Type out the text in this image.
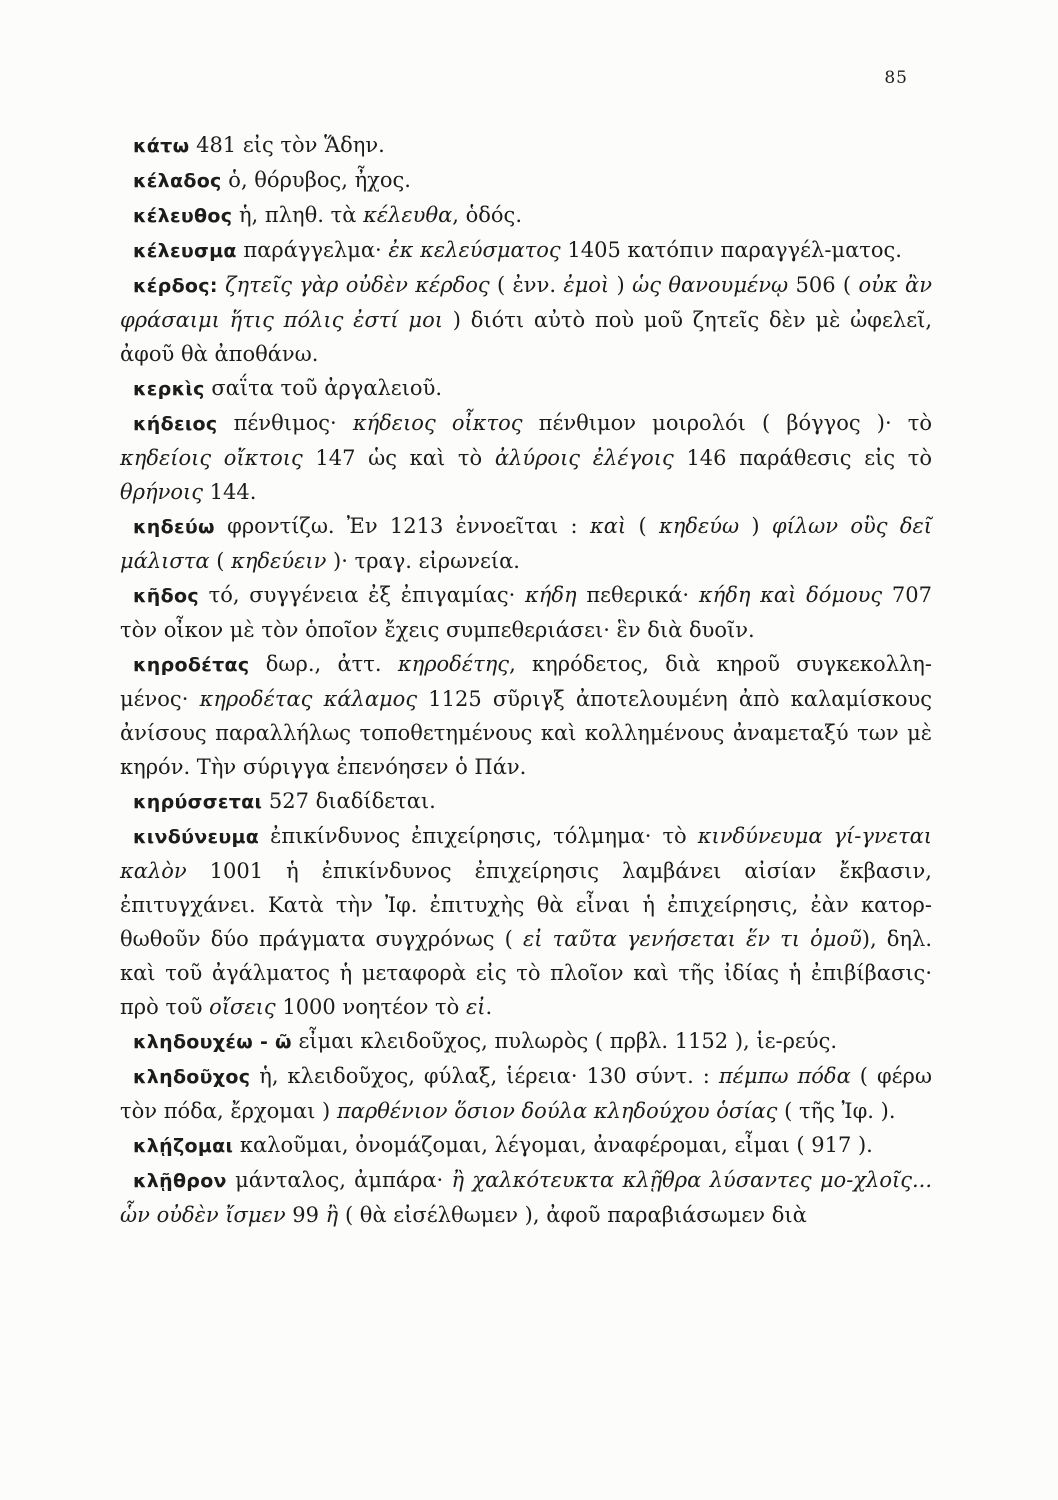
85

κάτω 481 εἰς τὸν Ἅδην.

κέλαδος ὁ, θόρυβος, ἦχος.

κέλευθος ἡ, πληθ. τὰ κέλευθα, ὁδός.

κέλευσμα παράγγελμα· ἐκ κελεύσματος 1405 κατόπιν παραγγέλ-ματος.

κέρδος: ζητεῖς γὰρ οὐδὲν κέρδος ( ἐνν. ἐμοὶ ) ὡς θανουμένῳ 506 ( οὐκ ἂν φράσαιμι ἥτις πόλις ἐστί μοι ) διότι αὐτὸ ποὺ μοῦ ζητεῖς δὲν μὲ ὠφελεῖ, ἀφοῦ θὰ ἀποθάνω.

κερκὶς σαΐτα τοῦ ἀργαλειοῦ.

κήδειος πένθιμος· κήδειος οἶκτος πένθιμον μοιρολόι ( βόγγος )· τὸ κηδείοις οἴκτοις 147 ὡς καὶ τὸ ἀλύροις ἐλέγοις 146 παράθεσις εἰς τὸ θρήνοις 144.

κηδεύω φροντίζω. Ἐν 1213 ἐννοεῖται : καὶ ( κηδεύω ) φίλων οὓς δεῖ μάλιστα ( κηδεύειν )· τραγ. εἰρωνεία.

κῆδος τό, συγγένεια ἐξ ἐπιγαμίας· κήδη πεθερικά· κήδη καὶ δόμους 707 τὸν οἶκον μὲ τὸν ὁποῖον ἔχεις συμπεθεριάσει· ἓν διὰ δυοῖν.

κηροδέτας δωρ., ἀττ. κηροδέτης, κηρόδετος, διὰ κηροῦ συγκεκολλη-μένος· κηροδέτας κάλαμος 1125 σῦριγξ ἀποτελουμένη ἀπὸ καλαμίσκους ἀνίσους παραλλήλως τοποθετημένους καὶ κολλημένους ἀναμεταξύ των μὲ κηρόν. Τὴν σύριγγα ἐπενόησεν ὁ Πάν.

κηρύσσεται 527 διαδίδεται.

κινδύνευμα ἐπικίνδυνος ἐπιχείρησις, τόλμημα· τὸ κινδύνευμα γί-γνεται καλὸν 1001 ἡ ἐπικίνδυνος ἐπιχείρησις λαμβάνει αἰσίαν ἔκβασιν, ἐπιτυγχάνει. Κατὰ τὴν Ἰφ. ἐπιτυχὴς θὰ εἶναι ἡ ἐπιχείρησις, ἐὰν κατορ-θωθοῦν δύο πράγματα συγχρόνως ( εἰ ταῦτα γενήσεται ἕν τι ὁμοῦ), δηλ. καὶ τοῦ ἀγάλματος ἡ μεταφορὰ εἰς τὸ πλοῖον καὶ τῆς ἰδίας ἡ ἐπιβίβασις· πρὸ τοῦ οἴσεις 1000 νοητέον τὸ εἰ.

κληδουχέω - ῶ εἶμαι κλειδοῦχος, πυλωρὸς ( πρβλ. 1152 ), ἱε-ρεύς.

κληδοῦχος ἡ, κλειδοῦχος, φύλαξ, ἱέρεια· 130 σύντ. : πέμπω πόδα ( φέρω τὸν πόδα, ἔρχομαι ) παρθένιον ὅσιον δούλα κληδούχου ὁσίας ( τῆς Ἰφ. ).

κλῄζομαι καλοῦμαι, ὀνομάζομαι, λέγομαι, ἀναφέρομαι, εἶμαι ( 917 ).

κλῇθρον μάνταλος, ἀμπάρα· ἢ χαλκότευκτα κλῇθρα λύσαντες μο-χλοῖς... ὧν οὐδὲν ἴσμεν 99 ἢ ( θὰ εἰσέλθωμεν ), ἀφοῦ παραβιάσωμεν διὰ
